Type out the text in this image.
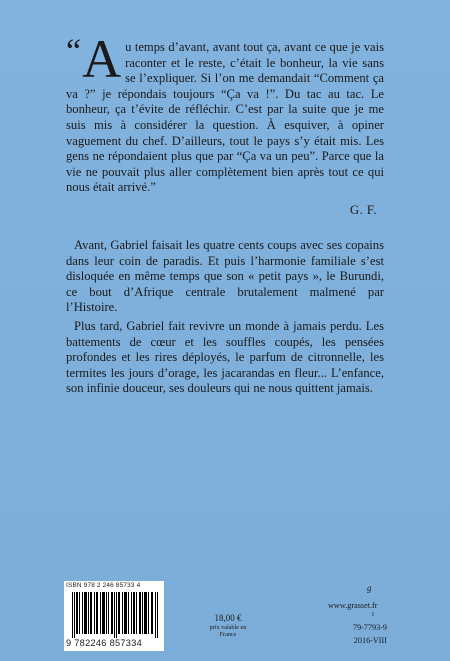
“ A u temps d’avant, avant tout ça, avant ce que je vais raconter et le reste, c’était le bonheur, la vie sans se l’expliquer. Si l’on me demandait “Comment ça va ?” je répondais toujours “Ça va !”. Du tac au tac. Le bonheur, ça t’évite de réfléchir. C’est par la suite que je me suis mis à considérer la question. À esquiver, à opiner vaguement du chef. D’ailleurs, tout le pays s’y était mis. Les gens ne répondaient plus que par “Ça va un peu”. Parce que la vie ne pouvait plus aller complètement bien après tout ce qui nous était arrivé.”
G. F.

Avant, Gabriel faisait les quatre cents coups avec ses copains dans leur coin de paradis. Et puis l’harmonie familiale s’est disloquée en même temps que son « petit pays », le Burundi, ce bout d’Afrique centrale brutalement malmené par l’Histoire.

Plus tard, Gabriel fait revivre un monde à jamais perdu. Les battements de cœur et les souffles coupés, les pensées profondes et les rires déployés, le parfum de citronnelle, les termites les jours d’orage, les jacarandas en fleur... L’enfance, son infinie douceur, ses douleurs qui ne nous quittent jamais.

ISBN 978 2 246 85733 4
9 782246 857334
18,00 €
prix valable en
France
g
www.grasset.fr
I
79-7793-9
2016-VIII
